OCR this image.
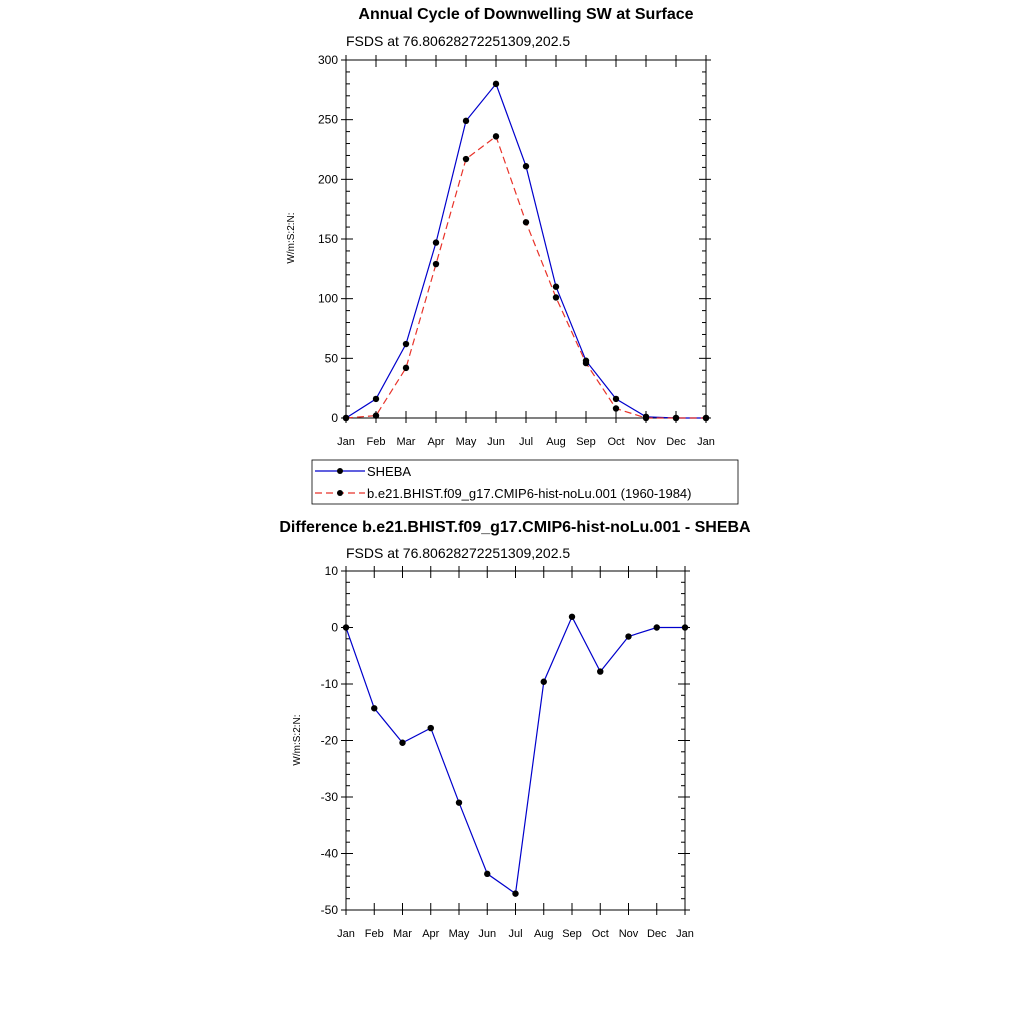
Annual Cycle of Downwelling SW at Surface
FSDS at 76.80628272251309,202.5
W/m:S:2:N:
0
50
100
150
200
250
300
Jan Feb Mar Apr May Jun Jul Aug Sep Oct Nov Dec Jan
SHEBA
b.e21.BHIST.f09_g17.CMIP6-hist-noLu.001 (1960-1984)
Difference b.e21.BHIST.f09_g17.CMIP6-hist-noLu.001 - SHEBA
FSDS at 76.80628272251309,202.5
W/m:S:2:N:
-50
-40
-30
-20
-10
0
10
Jan Feb Mar Apr May Jun Jul Aug Sep Oct Nov Dec Jan
